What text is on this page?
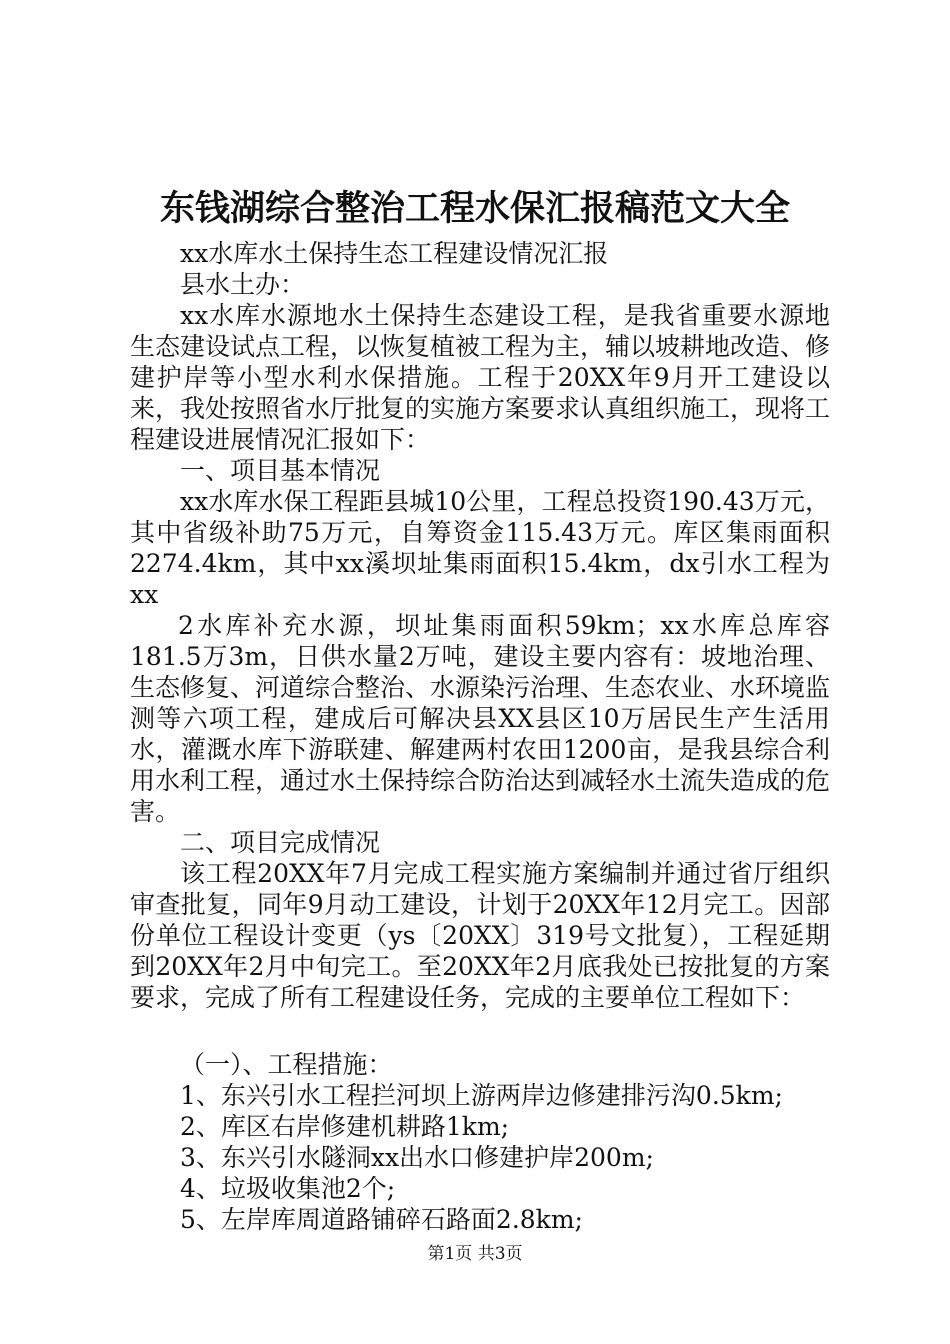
东钱湖综合整治工程水保汇报稿范文大全

xx水库水土保持生态工程建设情况汇报

县水土办：

xx水库水源地水土保持生态建设工程，是我省重要水源地生态建设试点工程，以恢复植被工程为主，辅以坡耕地改造、修建护岸等小型水利水保措施。工程于20XX年9月开工建设以来，我处按照省水厅批复的实施方案要求认真组织施工，现将工程建设进展情况汇报如下：

一、项目基本情况

xx水库水保工程距县城10公里，工程总投资190.43万元，其中省级补助75万元，自筹资金115.43万元。库区集雨面积2274.4km，其中xx溪坝址集雨面积15.4km，dx引水工程为xx

2水库补充水源，坝址集雨面积59km；xx水库总库容181.5万3m，日供水量2万吨，建设主要内容有：坡地治理、生态修复、河道综合整治、水源染污治理、生态农业、水环境监测等六项工程，建成后可解决县XX县区10万居民生产生活用水，灌溉水库下游联建、解建两村农田1200亩，是我县综合利用水利工程，通过水土保持综合防治达到减轻水土流失造成的危害。

二、项目完成情况

该工程20XX年7月完成工程实施方案编制并通过省厅组织审查批复，同年9月动工建设，计划于20XX年12月完工。因部份单位工程设计变更（ys〔20XX〕319号文批复），工程延期到20XX年2月中旬完工。至20XX年2月底我处已按批复的方案要求，完成了所有工程建设任务，完成的主要单位工程如下：

（一）、工程措施：

1、东兴引水工程拦河坝上游两岸边修建排污沟0.5km;

2、库区右岸修建机耕路1km;

3、东兴引水隧洞xx出水口修建护岸200m;

4、垃圾收集池2个;

5、左岸库周道路铺碎石路面2.8km;

第1页 共3页
